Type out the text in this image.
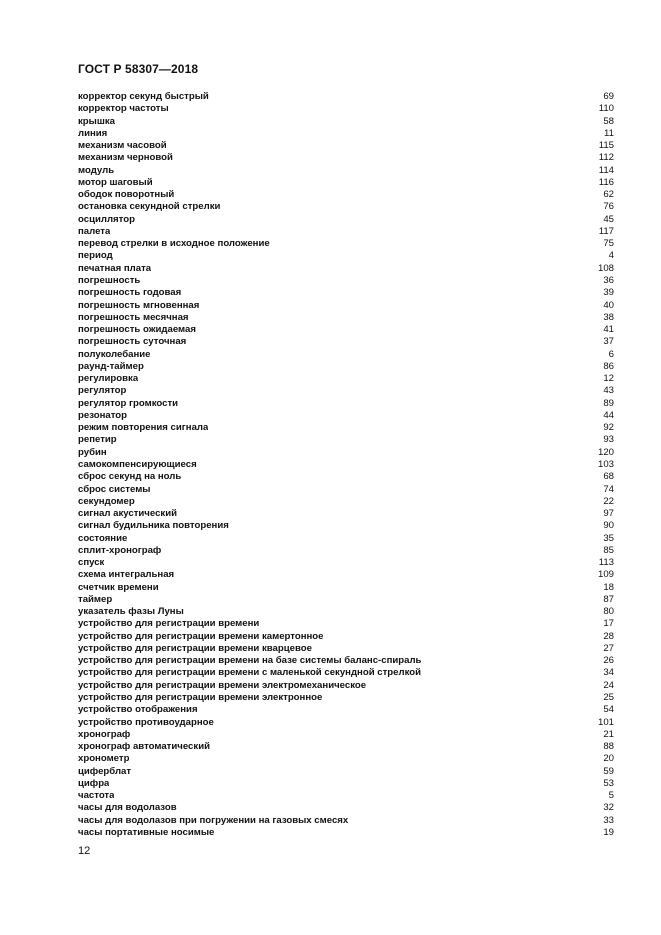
ГОСТ Р 58307—2018
корректор секунд быстрый	69
корректор частоты	110
крышка	58
линия	11
механизм часовой	115
механизм черновой	112
модуль	114
мотор шаговый	116
ободок поворотный	62
остановка секундной стрелки	76
осциллятор	45
палета	117
перевод стрелки в исходное положение	75
период	4
печатная плата	108
погрешность	36
погрешность годовая	39
погрешность мгновенная	40
погрешность месячная	38
погрешность ожидаемая	41
погрешность суточная	37
полуколебание	6
раунд-таймер	86
регулировка	12
регулятор	43
регулятор громкости	89
резонатор	44
режим повторения сигнала	92
репетир	93
рубин	120
самокомпенсирующиеся	103
сброс секунд на ноль	68
сброс системы	74
секундомер	22
сигнал акустический	97
сигнал будильника повторения	90
состояние	35
сплит-хронограф	85
спуск	113
схема интегральная	109
счетчик времени	18
таймер	87
указатель фазы Луны	80
устройство для регистрации времени	17
устройство для регистрации времени камертонное	28
устройство для регистрации времени кварцевое	27
устройство для регистрации времени на базе системы баланс-спираль	26
устройство для регистрации времени с маленькой секундной стрелкой	34
устройство для регистрации времени электромеханическое	24
устройство для регистрации времени электронное	25
устройство отображения	54
устройство противоударное	101
хронограф	21
хронограф автоматический	88
хронометр	20
циферблат	59
цифра	53
частота	5
часы для водолазов	32
часы для водолазов при погружении на газовых смесях	33
часы портативные носимые	19
12
